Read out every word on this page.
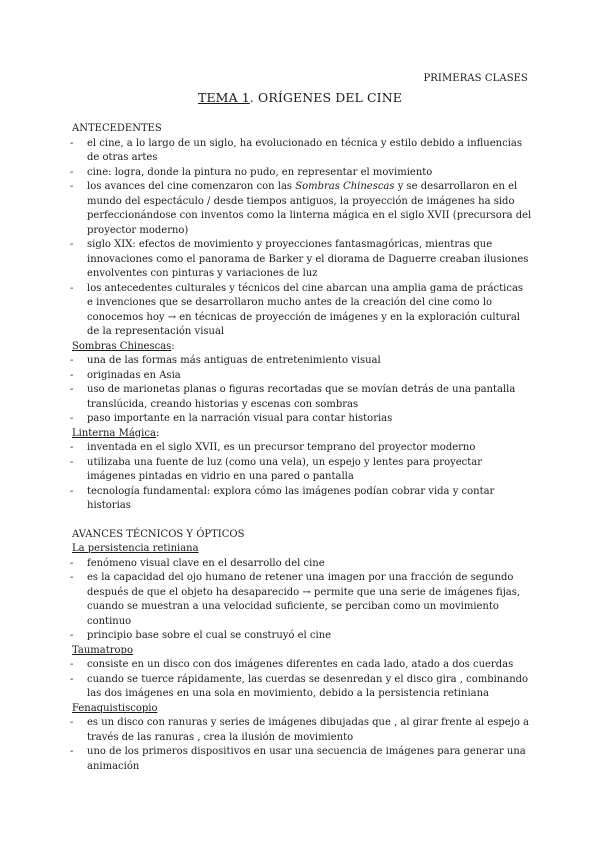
PRIMERAS CLASES
TEMA 1. ORÍGENES DEL CINE

ANTECEDENTES

- el cine, a lo largo de un siglo, ha evolucionado en técnica y estilo debido a influencias de otras artes
- cine: logra, donde la pintura no pudo, en representar el movimiento
- los avances del cine comenzaron con las Sombras Chinescas y se desarrollaron en el mundo del espectáculo / desde tiempos antiguos, la proyección de imágenes ha sido perfeccionándose con inventos como la linterna mágica en el siglo XVII (precursora del proyector moderno)
- siglo XIX: efectos de movimiento y proyecciones fantasmagóricas, mientras que innovaciones como el panorama de Barker y el diorama de Daguerre creaban ilusiones envolventes con pinturas y variaciones de luz
- los antecedentes culturales y técnicos del cine abarcan una amplia gama de prácticas e invenciones que se desarrollaron mucho antes de la creación del cine como lo conocemos hoy → en técnicas de proyección de imágenes y en la exploración cultural de la representación visual

Sombras Chinescas:

- una de las formas más antiguas de entretenimiento visual
- originadas en Asia
- uso de marionetas planas o figuras recortadas que se movían detrás de una pantalla translúcida, creando historias y escenas con sombras
- paso importante en la narración visual para contar historias

Linterna Mágica:

- inventada en el siglo XVII, es un precursor temprano del proyector moderno
- utilizaba una fuente de luz (como una vela), un espejo y lentes para proyectar imágenes pintadas en vidrio en una pared o pantalla
- tecnología fundamental: explora cómo las imágenes podían cobrar vida y contar historias

AVANCES TÉCNICOS Y ÓPTICOS

La persistencia retiniana

- fenómeno visual clave en el desarrollo del cine
- es la capacidad del ojo humano de retener una imagen por una fracción de segundo después de que el objeto ha desaparecido → permite que una serie de imágenes fijas, cuando se muestran a una velocidad suficiente, se perciban como un movimiento continuo
- principio base sobre el cual se construyó el cine

Taumatropo

- consiste en un disco con dos imágenes diferentes en cada lado, atado a dos cuerdas
- cuando se tuerce rápidamente, las cuerdas se desenredan y el disco gira , combinando las dos imágenes en una sola en movimiento, debido a la persistencia retiniana

Fenaquistiscopio

- es un disco con ranuras y series de imágenes dibujadas que , al girar frente al espejo a través de las ranuras , crea la ilusión de movimiento
- uno de los primeros dispositivos en usar una secuencia de imágenes para generar una animación
